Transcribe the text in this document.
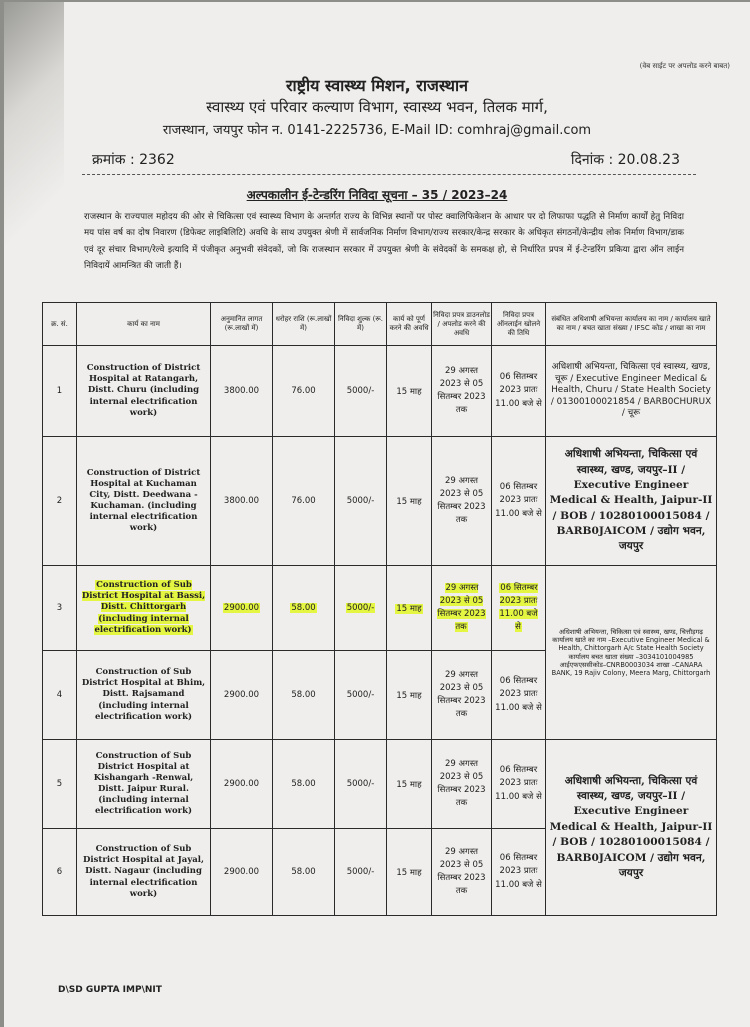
(वेब साईट पर अपलोड करने बाबत)
राष्ट्रीय स्वास्थ्य मिशन, राजस्थान
स्वास्थ्य एवं परिवार कल्याण विभाग, स्वास्थ्य भवन, तिलक मार्ग,
राजस्थान, जयपुर फोन न. 0141-2225736, E-Mail ID: comhraj@gmail.com
क्रमांक : 2362	दिनांक : 20.08.23
अल्पकालीन ई-टेन्डरिंग निविदा सूचना – 35 / 2023–24
राजस्थान के राज्यपाल महोदय की ओर से चिकित्सा एवं स्वास्थ्य विभाग के अन्तर्गत राज्य के विभिन्न स्थानों पर पोस्ट क्वालिफिकेशन के आधार पर दो लिफाफा पद्धति से निर्माण कार्यों हेतु निविदा मय पांस वर्ष का दोष निवारण (डिफेक्ट लाइबिलिटि) अवधि के साथ उपयुक्त श्रेणी में सार्वजनिक निर्माण विभाग/राज्य सरकार/केन्द्र सरकार के अधिकृत संगठनों/केन्द्रीय लोक निर्माण विभाग/डाक एवं दूर संचार विभाग/रेल्वे इत्यादि में पंजीकृत अनुभवी संवेदकों, जो कि राजस्थान सरकार में उपयुक्त श्रेणी के संवेदकों के समकक्ष हो, से निर्धारित प्रपत्र में ई-टेन्डरिंग प्रकिया द्वारा ऑन लाईन निविदायें आमन्त्रित की जाती हैं।
क्र. सं.	कार्य का नाम	अनुमानित लागत (रू.लाखों में)	धरोहर राशि (रू.लाखों में)	निविदा शुल्क (रू. में)	कार्य को पूर्ण करने की अवधि	निविदा प्रपत्र डाउनलोड / अपलोड करने की अवधि	निविदा प्रपत्र ऑनलाईन खोलने की तिथि	संबंधित अधिशाषी अभियन्ता कार्यालय का नाम / कार्यालय खाते का नाम / बचत खाता संख्या / IFSC कोड / शाखा का नाम
1	Construction of District Hospital at Ratangarh, Distt. Churu (including internal electrification work)	3800.00	76.00	5000/-	15 माह	29 अगस्त 2023 से 05 सितम्बर 2023 तक	06 सितम्बर 2023 प्रातः 11.00 बजे से	अधिशाषी अभियन्ता, चिकित्सा एवं स्वास्थ्य, खण्ड, चूरू / Executive Engineer Medical & Health, Churu / State Health Society / 01300100021854 / BARB0CHURUX / चूरू
2	Construction of District Hospital at Kuchaman City, Distt. Deedwana - Kuchaman. (including internal electrification work)	3800.00	76.00	5000/-	15 माह	29 अगस्त 2023 से 05 सितम्बर 2023 तक	06 सितम्बर 2023 प्रातः 11.00 बजे से	अधिशाषी अभियन्ता, चिकित्सा एवं स्वास्थ्य, खण्ड, जयपुर–II / Executive Engineer Medical & Health, Jaipur-II / BOB / 10280100015084 / BARB0JAICOM / उद्योग भवन, जयपुर
3	Construction of Sub District Hospital at Bassi, Distt. Chittorgarh (including internal electrification work)	2900.00	58.00	5000/-	15 माह	29 अगस्त 2023 से 05 सितम्बर 2023 तक	06 सितम्बर 2023 प्रातः 11.00 बजे से	अधिशाषी अभियन्ता, चिकित्सा एवं स्वास्थ्य, खण्ड, चित्तौड़गढ़ कार्यालय खाते का नाम –Executive Engineer Medical & Health, Chittorgarh A/c State Health Society कार्यालय बचत खाता संख्या –3034101004985 आईएफएससीकोड–CNRB0003034 शाखा –CANARA BANK, 19 Rajiv Colony, Meera Marg, Chittorgarh
4	Construction of Sub District Hospital at Bhim, Distt. Rajsamand (including internal electrification work)	2900.00	58.00	5000/-	15 माह	29 अगस्त 2023 से 05 सितम्बर 2023 तक	06 सितम्बर 2023 प्रातः 11.00 बजे से	
5	Construction of Sub District Hospital at Kishangarh -Renwal, Distt. Jaipur Rural. (including internal electrification work)	2900.00	58.00	5000/-	15 माह	29 अगस्त 2023 से 05 सितम्बर 2023 तक	06 सितम्बर 2023 प्रातः 11.00 बजे से	अधिशाषी अभियन्ता, चिकित्सा एवं स्वास्थ्य, खण्ड, जयपुर–II / Executive Engineer Medical & Health, Jaipur-II / BOB / 10280100015084 / BARB0JAICOM / उद्योग भवन, जयपुर
6	Construction of Sub District Hospital at Jayal, Distt. Nagaur (including internal electrification work)	2900.00	58.00	5000/-	15 माह	29 अगस्त 2023 से 05 सितम्बर 2023 तक	06 सितम्बर 2023 प्रातः 11.00 बजे से	
D\SD GUPTA IMP\NIT
